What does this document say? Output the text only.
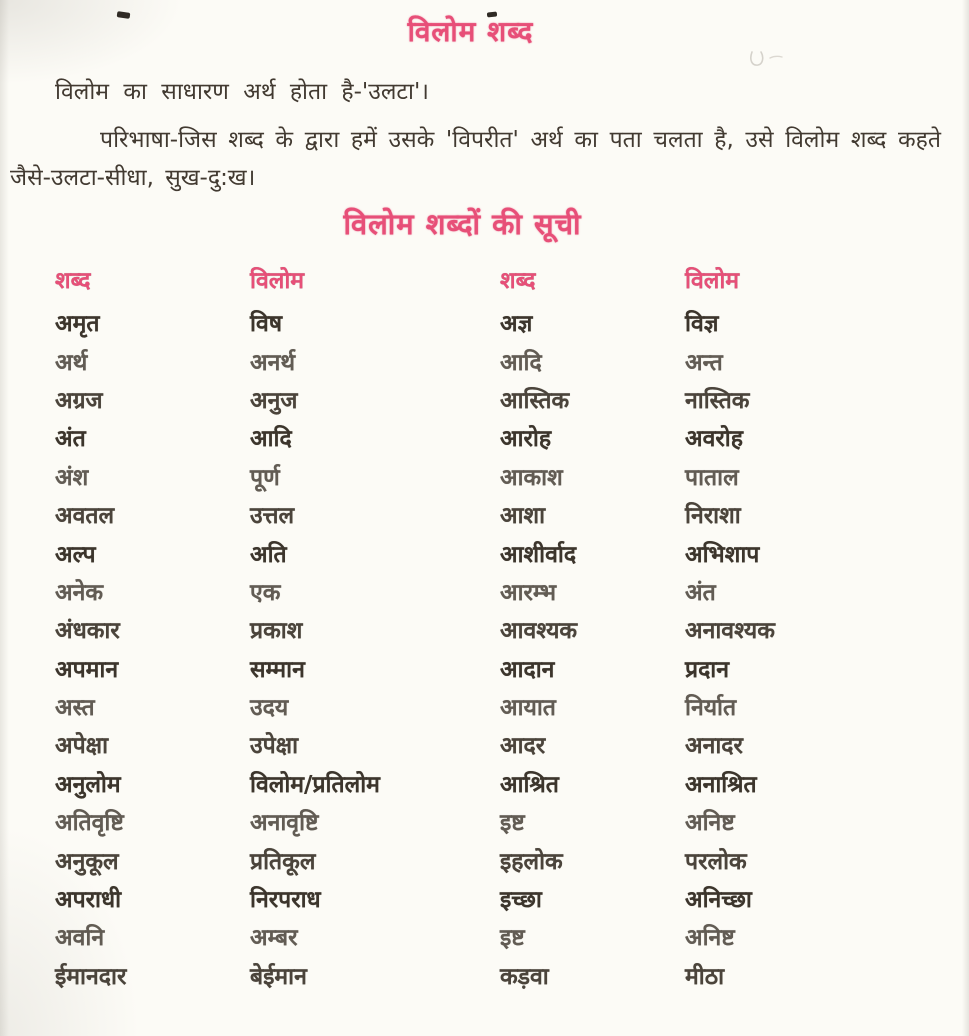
विलोम शब्द
विलोम का साधारण अर्थ होता है-'उलटा'।
परिभाषा-जिस शब्द के द्वारा हमें उसके 'विपरीत' अर्थ का पता चलता है, उसे विलोम शब्द कहते
जैसे-उलटा-सीधा, सुख-दु:ख।
विलोम शब्दों की सूची
शब्द	विलोम	शब्द	विलोम
अमृत	विष	अज्ञ	विज्ञ
अर्थ	अनर्थ	आदि	अन्त
अग्रज	अनुज	आस्तिक	नास्तिक
अंत	आदि	आरोह	अवरोह
अंश	पूर्ण	आकाश	पाताल
अवतल	उत्तल	आशा	निराशा
अल्प	अति	आशीर्वाद	अभिशाप
अनेक	एक	आरम्भ	अंत
अंधकार	प्रकाश	आवश्यक	अनावश्यक
अपमान	सम्मान	आदान	प्रदान
अस्त	उदय	आयात	निर्यात
अपेक्षा	उपेक्षा	आदर	अनादर
अनुलोम	विलोम/प्रतिलोम	आश्रित	अनाश्रित
अतिवृष्टि	अनावृष्टि	इष्ट	अनिष्ट
अनुकूल	प्रतिकूल	इहलोक	परलोक
अपराधी	निरपराध	इच्छा	अनिच्छा
अवनि	अम्बर	इष्ट	अनिष्ट
ईमानदार	बेईमान	कड़वा	मीठा
